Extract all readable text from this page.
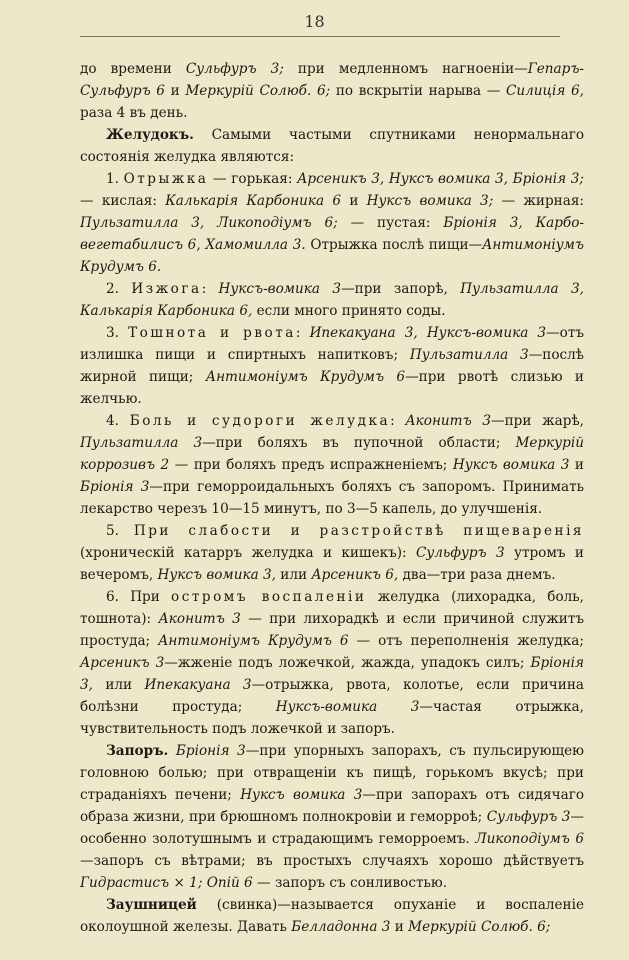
18

до времени Сульфуръ 3; при медленномъ нагноеніи—Гепаръ-Сульфуръ 6 и Меркурій Солюб. 6; по вскрытіи нарыва — Силиція 6, раза 4 въ день.

Желудокъ. Самыми частыми спутниками ненормальнаго состоянія желудка являются:

1. Отрыжка — горькая: Арсеникъ 3, Нуксъ вомика 3, Бріонія 3; — кислая: Калькарія Карбоника 6 и Нуксъ вомика 3; — жирная: Пульзатилла 3, Ликоподіумъ 6; — пустая: Бріонія 3, Карбо-вегетабилисъ 6, Хамомилла 3. Отрыжка послѣ пищи—Антимоніумъ Крудумъ 6.

2. Изжога: Нуксъ-вомика 3—при запорѣ, Пульзатилла 3, Калькарія Карбоника 6, если много принято соды.

3. Тошнота и рвота: Ипекакуана 3, Нуксъ-вомика 3—отъ излишка пищи и спиртныхъ напитковъ; Пульзатилла 3—послѣ жирной пищи; Антимоніумъ Крудумъ 6—при рвотѣ слизью и желчью.

4. Боль и судороги желудка: Аконитъ 3—при жарѣ, Пульзатилла 3—при боляхъ въ пупочной области; Меркурій коррозивъ 2 — при боляхъ предъ испражненіемъ; Нуксъ вомика 3 и Бріонія 3—при геморроидальныхъ боляхъ съ запоромъ. Принимать лекарство черезъ 10—15 минутъ, по 3—5 капель, до улучшенія.

5. При слабости и разстройствѣ пищеваренія (хроническій катарръ желудка и кишекъ): Сульфуръ 3 утромъ и вечеромъ, Нуксъ вомика 3, или Арсеникъ 6, два—три раза днемъ.

6. При остромъ воспаленіи желудка (лихорадка, боль, тошнота): Аконитъ 3 — при лихорадкѣ и если причиной служитъ простуда; Антимоніумъ Крудумъ 6 — отъ переполненія желудка; Арсеникъ 3—жженіе подъ ложечкой, жажда, упадокъ силъ; Бріонія 3, или Ипекакуана 3—отрыжка, рвота, колотье, если причина болѣзни простуда; Нуксъ-вомика 3—частая отрыжка, чувствительность подъ ложечкой и запоръ.

Запоръ. Бріонія 3—при упорныхъ запорахъ, съ пульсирующею головною болью; при отвращеніи къ пищѣ, горькомъ вкусѣ; при страданіяхъ печени; Нуксъ вомика 3—при запорахъ отъ сидячаго образа жизни, при брюшномъ полнокровіи и геморроѣ; Сульфуръ 3—особенно золотушнымъ и страдающимъ геморроемъ. Ликоподіумъ 6—запоръ съ вѣтрами; въ простыхъ случаяхъ хорошо дѣйствуетъ Гидрастисъ × 1; Опій 6 — запоръ съ сонливостью.

Заушницей (свинка)—называется опуханіе и воспаленіе околоушной железы. Давать Белладонна 3 и Меркурій Солюб. 6;
